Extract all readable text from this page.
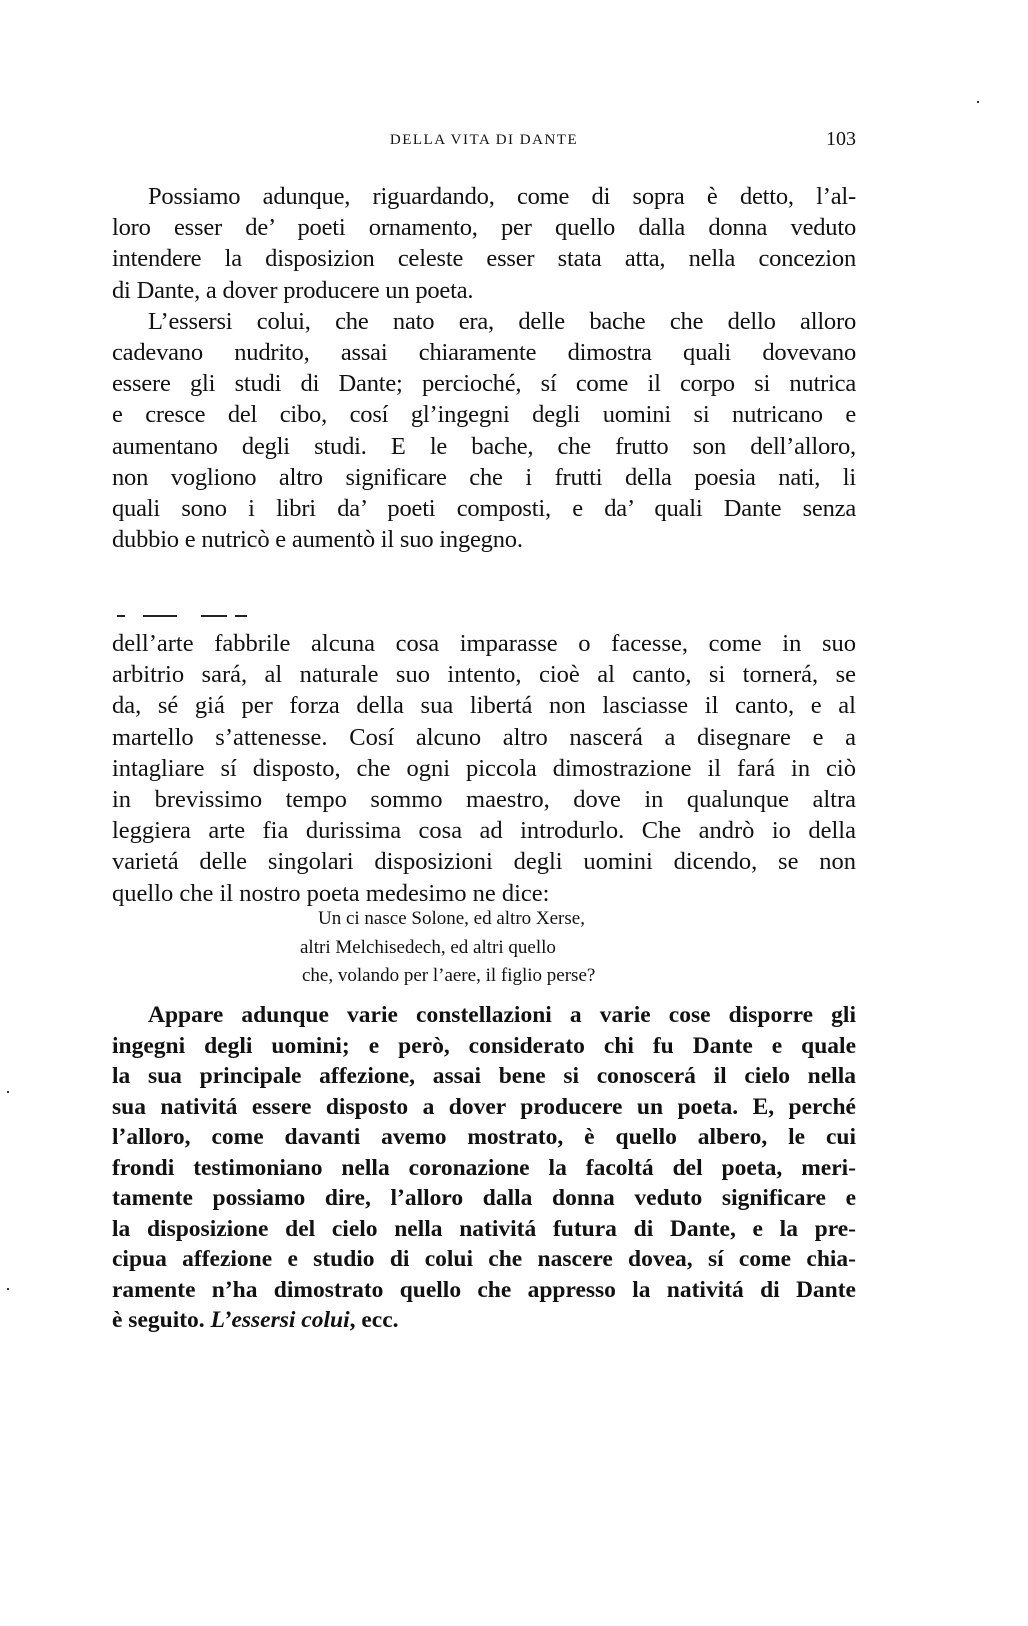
DELLA VITA DI DANTE	103
Possiamo adunque, riguardando, come di sopra è detto, l’al-
loro esser de’ poeti ornamento, per quello dalla donna veduto
intendere la disposizion celeste esser stata atta, nella concezion
di Dante, a dover producere un poeta.
L’essersi colui, che nato era, delle bache che dello alloro
cadevano nudrito, assai chiaramente dimostra quali dovevano
essere gli studi di Dante; percioché, sí come il corpo si nutrica
e cresce del cibo, cosí gl’ingegni degli uomini si nutricano e
aumentano degli studi. E le bache, che frutto son dell’alloro,
non vogliono altro significare che i frutti della poesia nati, li
quali sono i libri da’ poeti composti, e da’ quali Dante senza
dubbio e nutricò e aumentò il suo ingegno.
dell’arte fabbrile alcuna cosa imparasse o facesse, come in suo
arbitrio sará, al naturale suo intento, cioè al canto, si tornerá, se
da, sé giá per forza della sua libertá non lasciasse il canto, e al
martello s’attenesse. Cosí alcuno altro nascerá a disegnare e a
intagliare sí disposto, che ogni piccola dimostrazione il fará in ciò
in brevissimo tempo sommo maestro, dove in qualunque altra
leggiera arte fia durissima cosa ad introdurlo. Che andrò io della
varietá delle singolari disposizioni degli uomini dicendo, se non
quello che il nostro poeta medesimo ne dice:
Un ci nasce Solone, ed altro Xerse,
altri Melchisedech, ed altri quello
che, volando per l’aere, il figlio perse?
Appare adunque varie constellazioni a varie cose disporre gli
ingegni degli uomini; e però, considerato chi fu Dante e quale
la sua principale affezione, assai bene si conoscerá il cielo nella
sua nativitá essere disposto a dover producere un poeta. E, perché
l’alloro, come davanti avemo mostrato, è quello albero, le cui
frondi testimoniano nella coronazione la facoltá del poeta, meri-
tamente possiamo dire, l’alloro dalla donna veduto significare e
la disposizione del cielo nella nativitá futura di Dante, e la pre-
cipua affezione e studio di colui che nascere dovea, sí come chia-
ramente n’ha dimostrato quello che appresso la nativitá di Dante
è seguito. L’essersi colui, ecc.
